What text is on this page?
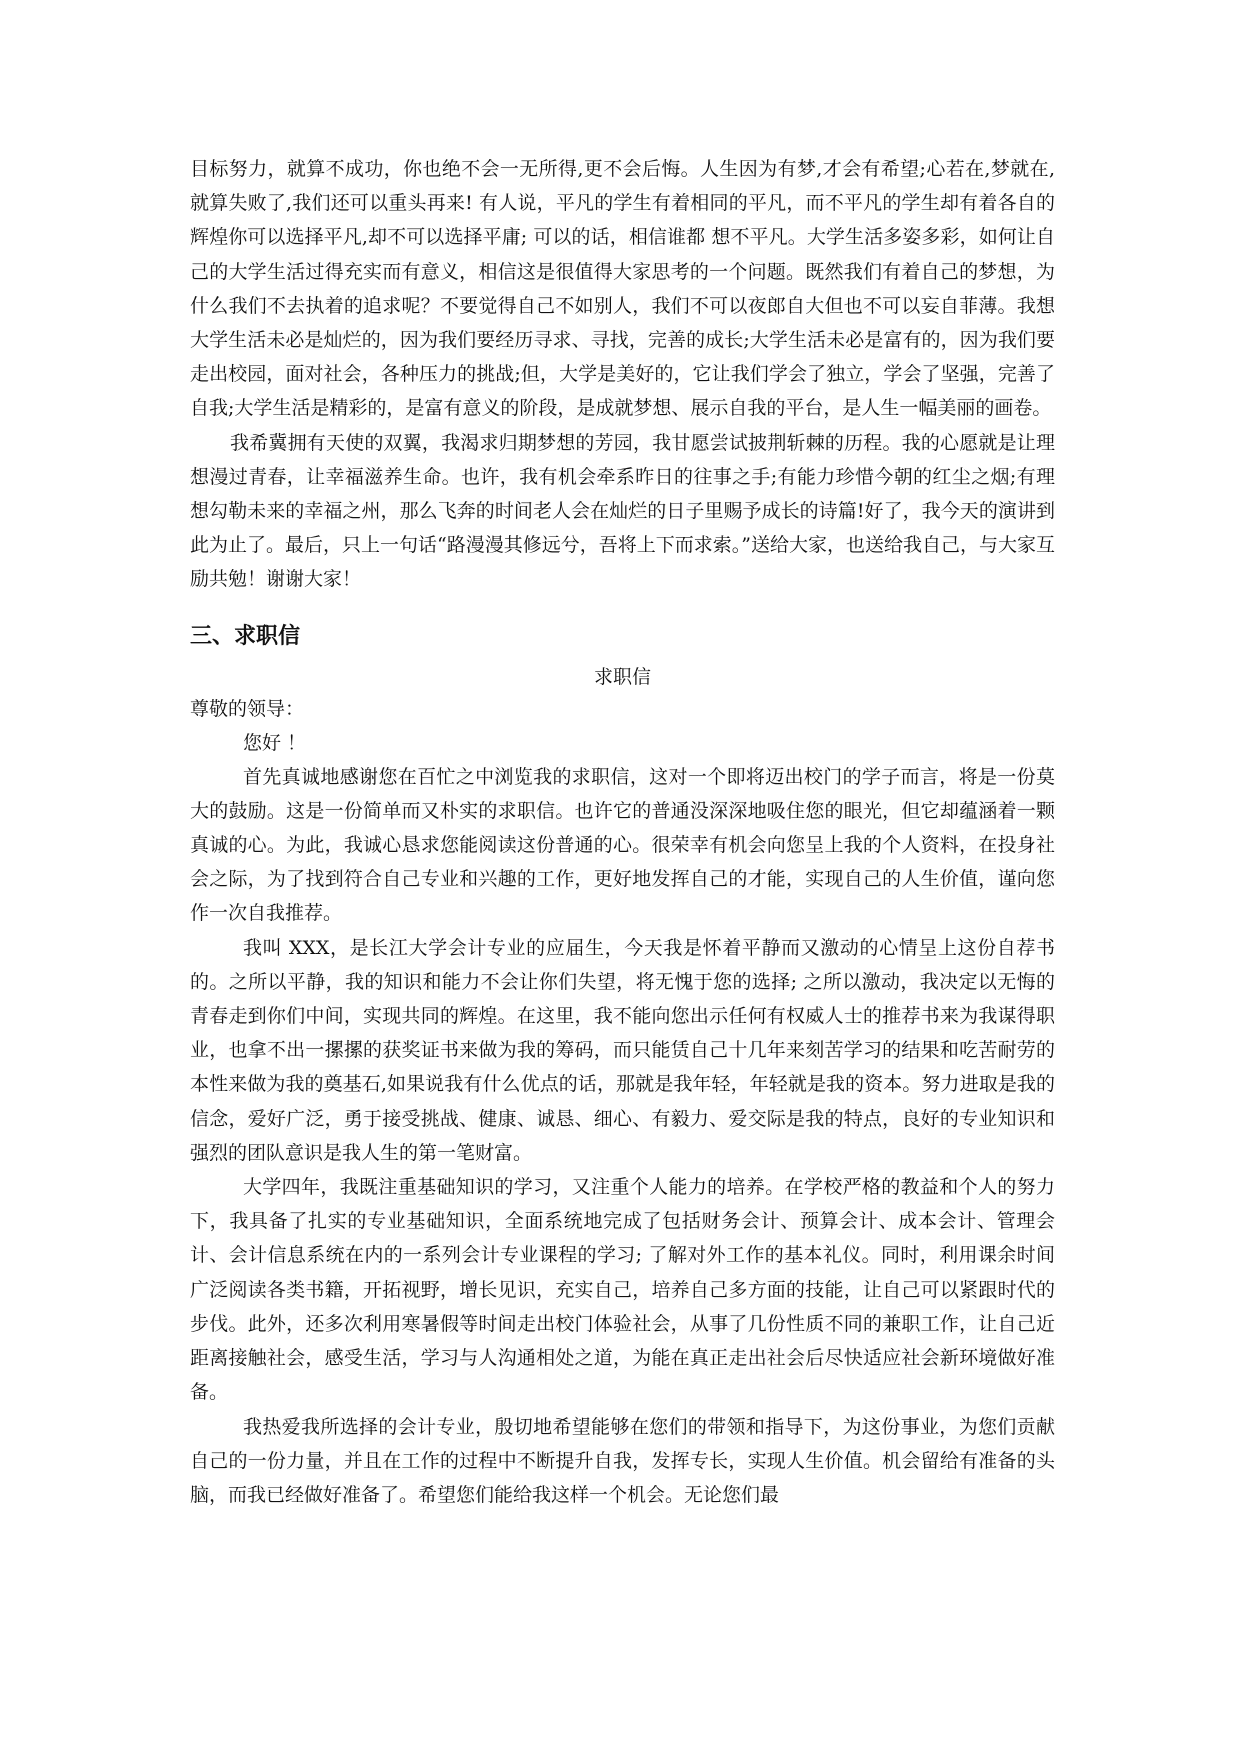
目标努力，就算不成功，你也绝不会一无所得,更不会后悔。人生因为有梦,才会有希望;心若在,梦就在,就算失败了,我们还可以重头再来! 有人说，平凡的学生有着相同的平凡，而不平凡的学生却有着各自的辉煌你可以选择平凡,却不可以选择平庸; 可以的话，相信谁都 想不平凡。大学生活多姿多彩，如何让自己的大学生活过得充实而有意义，相信这是很值得大家思考的一个问题。既然我们有着自己的梦想，为什么我们不去执着的追求呢？不要觉得自己不如别人，我们不可以夜郎自大但也不可以妄自菲薄。我想大学生活未必是灿烂的，因为我们要经历寻求、寻找，完善的成长;大学生活未必是富有的，因为我们要走出校园，面对社会，各种压力的挑战;但，大学是美好的，它让我们学会了独立，学会了坚强，完善了自我;大学生活是精彩的，是富有意义的阶段，是成就梦想、展示自我的平台，是人生一幅美丽的画卷。

我希冀拥有天使的双翼，我渴求归期梦想的芳园，我甘愿尝试披荆斩棘的历程。我的心愿就是让理想漫过青春，让幸福滋养生命。也许，我有机会牵系昨日的往事之手;有能力珍惜今朝的红尘之烟;有理想勾勒未来的幸福之州，那么飞奔的时间老人会在灿烂的日子里赐予成长的诗篇!好了，我今天的演讲到此为止了。最后，只上一句话“路漫漫其修远兮，吾将上下而求索。”送给大家，也送给我自己，与大家互励共勉！谢谢大家！

三、求职信
求职信
尊敬的领导：
您好 ！

首先真诚地感谢您在百忙之中浏览我的求职信，这对一个即将迈出校门的学子而言，将是一份莫大的鼓励。这是一份简单而又朴实的求职信。也许它的普通没深深地吸住您的眼光，但它却蕴涵着一颗真诚的心。为此，我诚心恳求您能阅读这份普通的心。很荣幸有机会向您呈上我的个人资料，在投身社会之际，为了找到符合自己专业和兴趣的工作，更好地发挥自己的才能，实现自己的人生价值，谨向您作一次自我推荐。

我叫 XXX，是长江大学会计专业的应届生，今天我是怀着平静而又激动的心情呈上这份自荐书的。之所以平静，我的知识和能力不会让你们失望，将无愧于您的选择; 之所以激动，我决定以无悔的青春走到你们中间，实现共同的辉煌。在这里，我不能向您出示任何有权威人士的推荐书来为我谋得职业，也拿不出一摞摞的获奖证书来做为我的筹码，而只能赁自己十几年来刻苦学习的结果和吃苦耐劳的本性来做为我的奠基石,如果说我有什么优点的话，那就是我年轻，年轻就是我的资本。努力进取是我的信念，爱好广泛，勇于接受挑战、健康、诚恳、细心、有毅力、爱交际是我的特点，良好的专业知识和强烈的团队意识是我人生的第一笔财富。

大学四年，我既注重基础知识的学习，又注重个人能力的培养。在学校严格的教益和个人的努力下，我具备了扎实的专业基础知识，全面系统地完成了包括财务会计、预算会计、成本会计、管理会计、会计信息系统在内的一系列会计专业课程的学习; 了解对外工作的基本礼仪。同时，利用课余时间广泛阅读各类书籍，开拓视野，增长见识，充实自己，培养自己多方面的技能，让自己可以紧跟时代的步伐。此外，还多次利用寒暑假等时间走出校门体验社会，从事了几份性质不同的兼职工作，让自己近距离接触社会，感受生活，学习与人沟通相处之道，为能在真正走出社会后尽快适应社会新环境做好准备。

我热爱我所选择的会计专业，殷切地希望能够在您们的带领和指导下，为这份事业，为您们贡献自己的一份力量，并且在工作的过程中不断提升自我，发挥专长，实现人生价值。机会留给有准备的头脑，而我已经做好准备了。希望您们能给我这样一个机会。无论您们最
